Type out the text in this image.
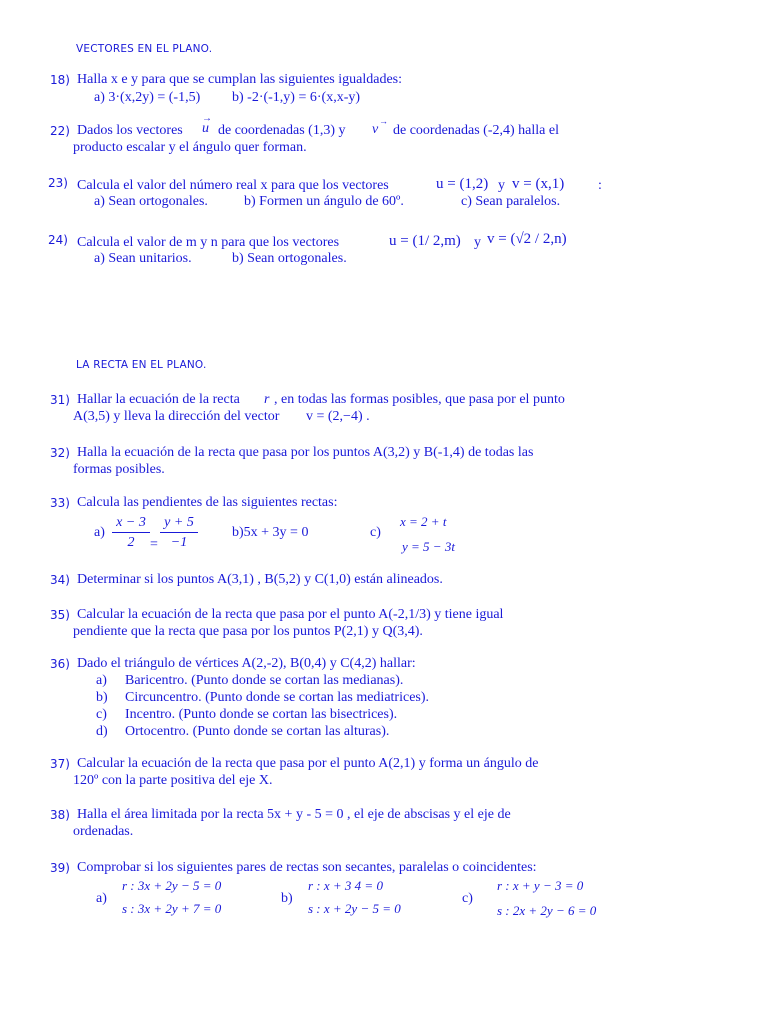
VECTORES EN EL PLANO.
18) Halla x e y para que se cumplan las siguientes igualdades:
a) 3·(x,2y) = (-1,5) b) -2·(-1,y) = 6·(x,x-y)
22) Dados los vectores
→
u de coordenadas (1,3) y v
→
de coordenadas (-2,4) halla el
producto escalar y el ángulo quer forman.
23) Calcula el valor del número real x para que los vectores	u = (1,2) y v = (x,1) :
a) Sean ortogonales.	b) Formen un ángulo de 60º.	c) Sean paralelos.
24) Calcula el valor de m y n para que los vectores	u = (1/ 2,m) y v = (√2 / 2,n)
a) Sean unitarios.	b) Sean ortogonales.
LA RECTA EN EL PLANO.
31) Hallar la ecuación de la recta r , en todas las formas posibles, que pasa por el punto
A(3,5) y lleva la dirección del vector v = (2,−4) .
32) Halla la ecuación de la recta que pasa por los puntos A(3,2) y B(-1,4) de todas las
formas posibles.
33) Calcula las pendientes de las siguientes rectas:
$a) \frac{x - 3}{2} = \frac{y + 5}{-1} b)5x + 3y = 0$	c)
x = 2 + t
y = 5 − 3t
34) Determinar si los puntos A(3,1) , B(5,2) y C(1,0) están alineados.
35) Calcular la ecuación de la recta que pasa por el punto A(-2,1/3) y tiene igual
pendiente que la recta que pasa por los puntos P(2,1) y Q(3,4).
36) Dado el triángulo de vértices A(2,-2), B(0,4) y C(4,2) hallar:
a) Baricentro. (Punto donde se cortan las medianas).
b) Circuncentro. (Punto donde se cortan las mediatrices).
c) Incentro. (Punto donde se cortan las bisectrices).
d) Ortocentro. (Punto donde se cortan las alturas).
37) Calcular la ecuación de la recta que pasa por el punto A(2,1) y forma un ángulo de
120º con la parte positiva del eje X.
38) Halla el área limitada por la recta 5x + y - 5 = 0 , el eje de abscisas y el eje de
ordenadas.
39) Comprobar si los siguientes pares de rectas son secantes, paralelas o coincidentes:
a)
r : 3x + 2y − 5 = 0
s : 3x + 2y + 7 = 0
b)
r : x + 3 4 = 0
s : x + 2y − 5 = 0
c)
r : x + y − 3 = 0
s : 2x + 2y − 6 = 0
